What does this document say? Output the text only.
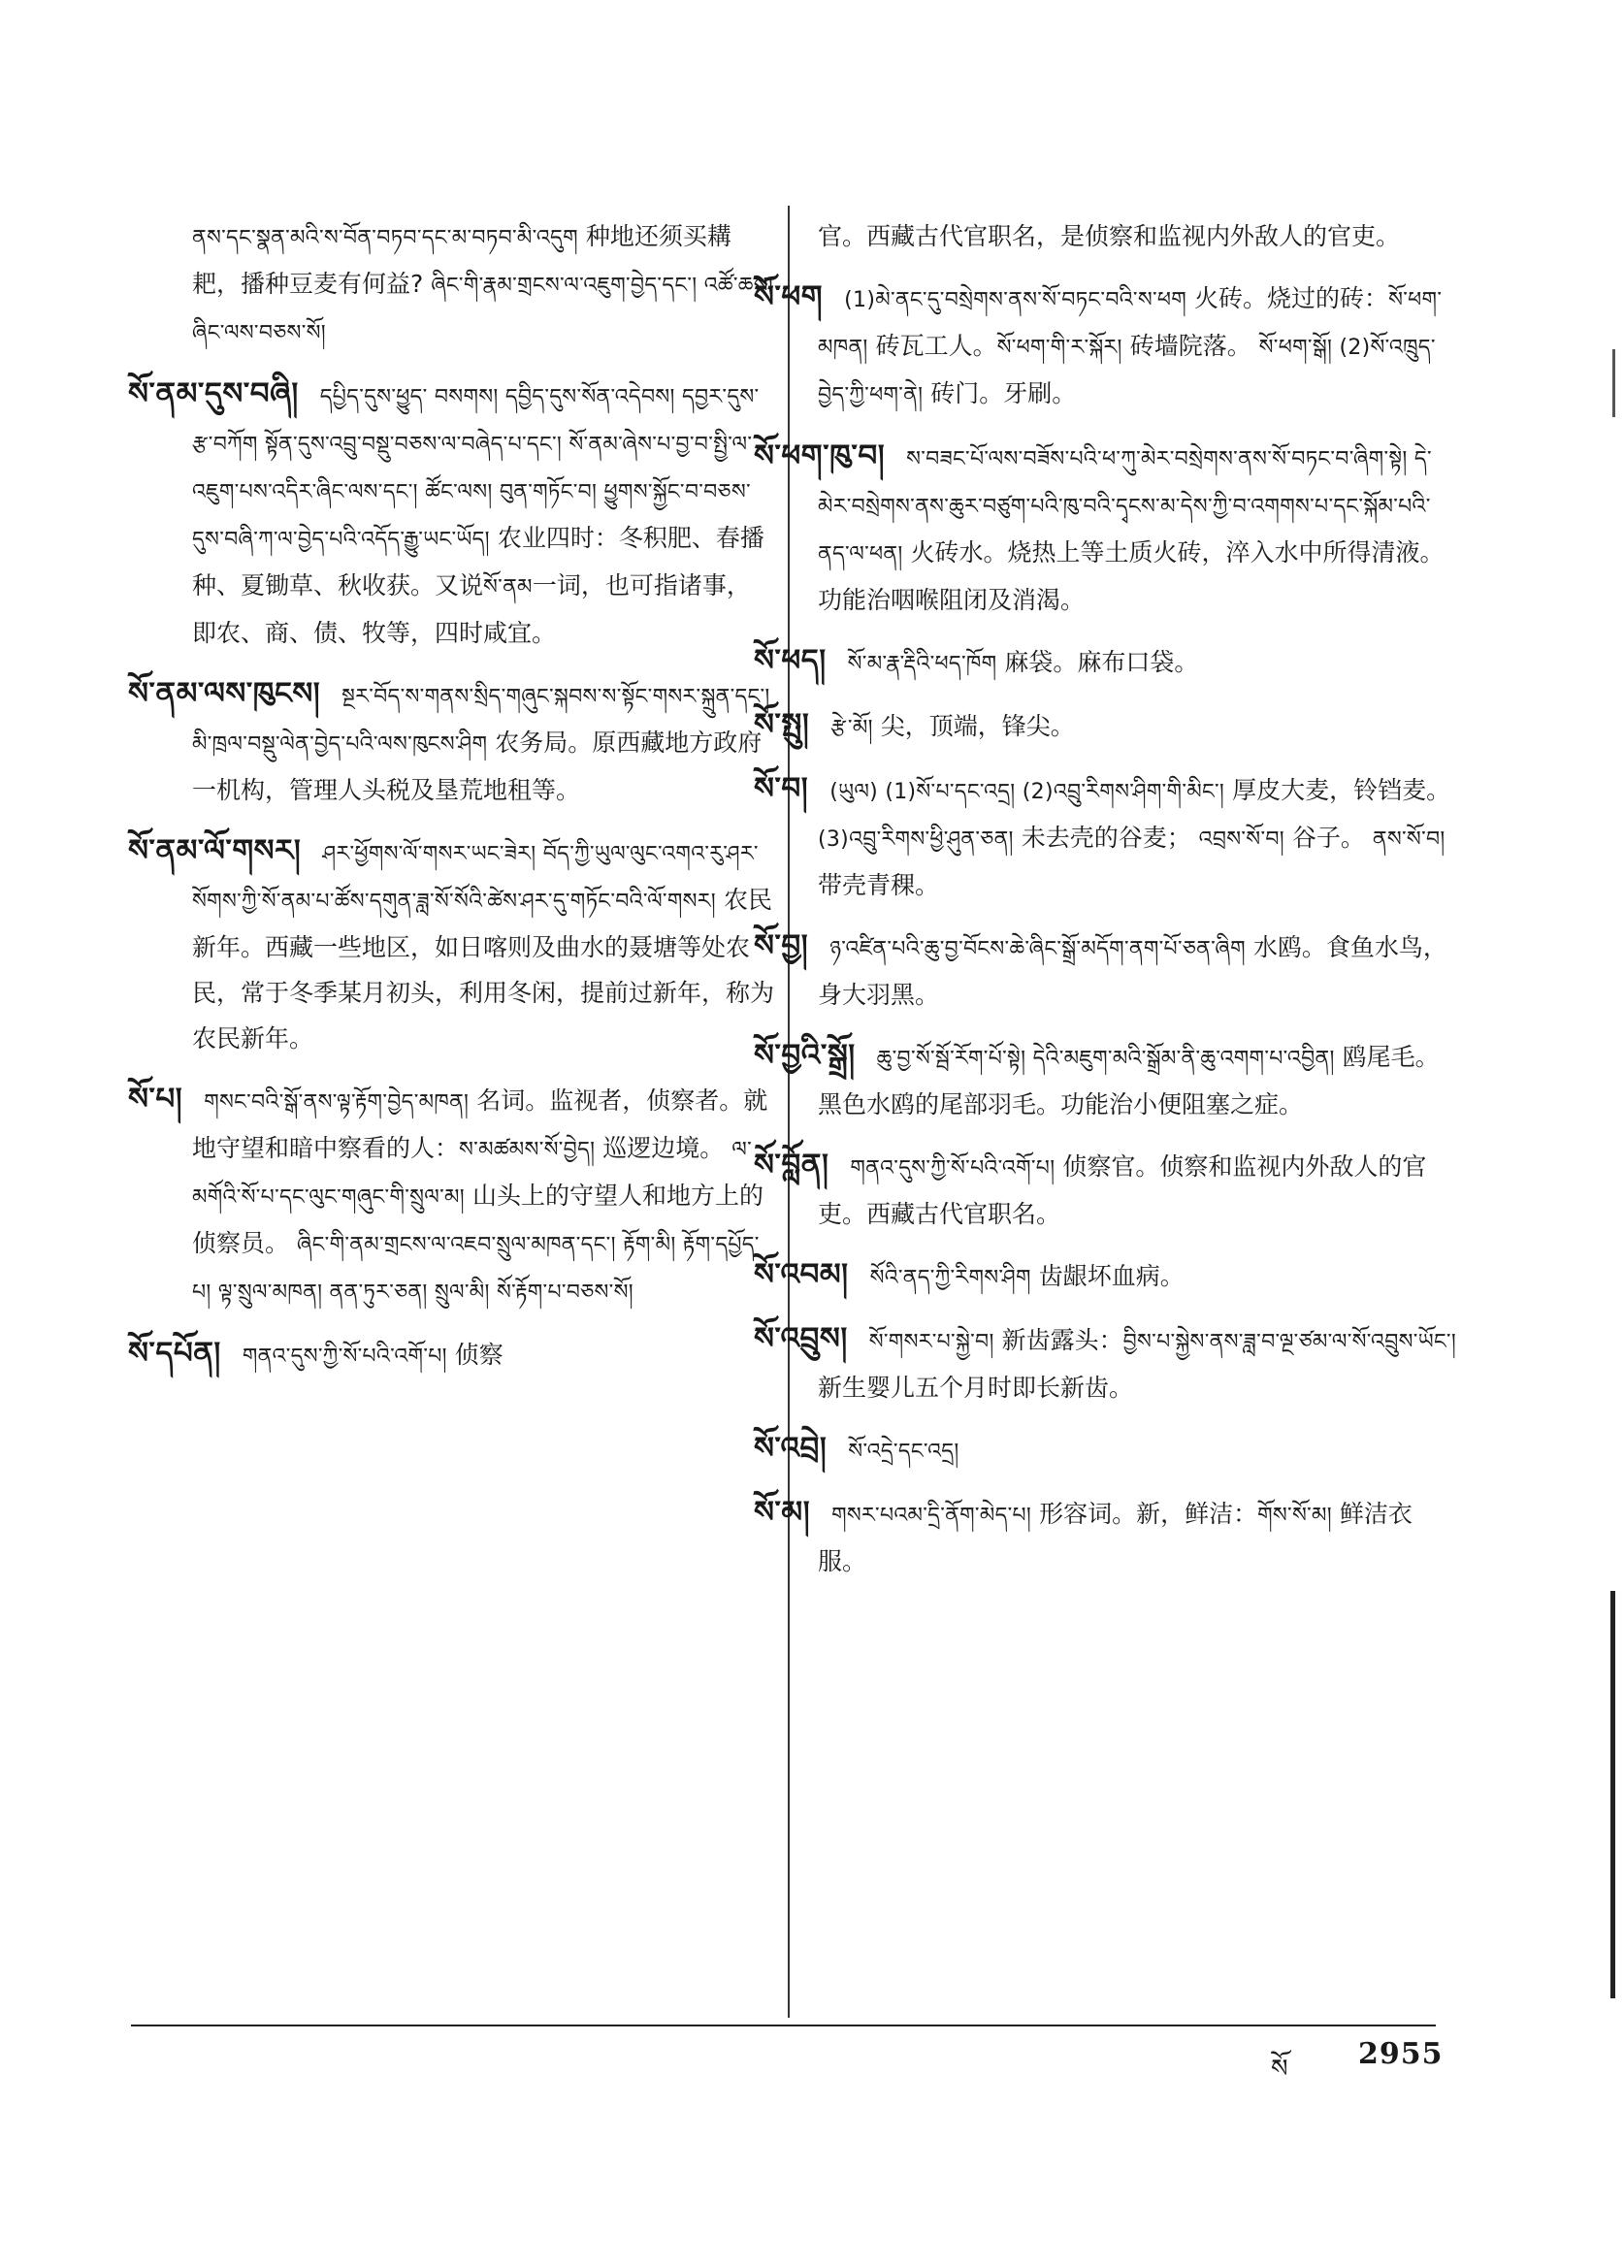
ནས་དང་སྣན་མའི་ས་བོན་བཏབ་དང་མ་བཏབ་མི་འདུག 种地还须买耩耙，播种豆麦有何益? ཞིང་གི་རྣམ་གྲངས་ལ་འཇུག་བྱེད་དང་། འཚོ་ཆས། ཞིང་ལས་བཅས་སོ།
སོ་ནམ་དུས་བཞི། དཔྱིད་དུས་ཕྱུད་ བསགས། དབྱིད་དུས་སོན་འདེབས། དབྱར་དུས་རྩ་བཀོག སྟོན་དུས་འབྲུ་བསྡུ་བཅས་ལ་བཞེད་པ་དང་། སོ་ནམ་ཞེས་པ་བྱ་བ་སྤྱི་ལ་འཇུག་པས་འདིར་ཞིང་ལས་དང་། ཚོང་ལས། བུན་གཏོང་བ། ཕྱུགས་སྐྱོང་བ་བཅས་དུས་བཞི་ཀ་ལ་བྱེད་པའི་འདོད་རྒྱུ་ཡང་ཡོད། 农业四时：冬积肥、春播种、夏锄草、秋收获。又说སོ་ནམ一词，也可指诸事，即农、商、债、牧等，四时咸宜。
སོ་ནམ་ལས་ཁུངས། སྔར་བོད་ས་གནས་སྲིད་གཞུང་སྐབས་ས་སྟོང་གསར་སྐྲུན་དང་། མི་ཁྲལ་བསྡུ་ལེན་བྱེད་པའི་ལས་ཁུངས་ཤིག 农务局。原西藏地方政府一机构，管理人头税及垦荒地租等。
སོ་ནམ་ལོ་གསར། ཤར་ཕྱོགས་ལོ་གསར་ཡང་ཟེར། བོད་ཀྱི་ཡུལ་ལུང་འགའ་རུ་ཤར་སོགས་ཀྱི་སོ་ནམ་པ་ཚོས་དགུན་ཟླ་སོ་སོའི་ཚེས་ཤར་དུ་གཏོང་བའི་ལོ་གསར། 农民新年。西藏一些地区，如日喀则及曲水的聂塘等处农民，常于冬季某月初头，利用冬闲，提前过新年，称为农民新年。
སོ་པ། གསང་བའི་སྒོ་ནས་ལྟ་རྟོག་བྱེད་མཁན། 名词。监视者，侦察者。就地守望和暗中察看的人：ས་མཚམས་སོ་བྱེད། 巡逻边境。 ལ་མགོའི་སོ་པ་དང་ལུང་གཞུང་གི་སྲུལ་མ། 山头上的守望人和地方上的侦察员。 ཞིང་གི་ནམ་གྲངས་ལ་འཇབ་སྲུལ་མཁན་དང་། རྟོག་མི། རྟོག་དཔྱོད་པ། ལྟ་སྲུལ་མཁན། ནན་ཏུར་ཅན། སྲུལ་མི། སོ་རྟོག་པ་བཅས་སོ།
སོ་དཔོན། གནའ་དུས་ཀྱི་སོ་པའི་འགོ་པ། 侦察
官。西藏古代官职名，是侦察和监视内外敌人的官吏。
སོ་ཕག (1)མེ་ནང་དུ་བསྲེགས་ནས་སོ་བཏང་བའི་ས་ཕག 火砖。烧过的砖：སོ་ཕག་མཁན། 砖瓦工人。སོ་ཕག་གི་ར་སྐོར། 砖墙院落。 སོ་ཕག་སྒོ། (2)སོ་འཁྲུད་བྱེད་ཀྱི་ཕག་ནེ། 砖门。牙刷。
སོ་ཕག་ཁུ་བ། ས་བཟང་པོ་ལས་བཟོས་པའི་ཕ་ཀུ་མེར་བསྲེགས་ནས་སོ་བཏང་བ་ཞིག་སྟེ། དེ་མེར་བསྲེགས་ནས་ཆུར་བཙུག་པའི་ཁུ་བའི་དྭངས་མ་དེས་ཀྱི་བ་འགགས་པ་དང་སྐོམ་པའི་ནད་ལ་ཕན། 火砖水。烧热上等土质火砖，淬入水中所得清液。功能治咽喉阻闭及消渴。
སོ་ཕད། སོ་མ་རྣ་རྡིའི་ཕད་ཁོག 麻袋。麻布口袋。
སོ་སྤུ། རྩེ་མོ། 尖，顶端，锋尖。
སོ་བ། (ཡུལ) (1)སོ་པ་དང་འདྲ། (2)འབྲུ་རིགས་ཤིག་གི་མིང་། 厚皮大麦，铃铛麦。 (3)འབྲུ་རིགས་ཕྱི་ཤུན་ཅན། 未去壳的谷麦； འབྲས་སོ་བ། 谷子。 ནས་སོ་བ། 带壳青稞。
སོ་བྱ། ཉ་འཛིན་པའི་ཆུ་བྱ་བོངས་ཆེ་ཞིང་སྒྲོ་མདོག་ནག་པོ་ཅན་ཞིག 水鸥。食鱼水鸟，身大羽黑。
སོ་བྱའི་སྒྲོ། ཆུ་བྱ་སོ་སྦོ་རོག་པོ་སྟེ། དེའི་མཇུག་མའི་སྒྲོམ་ནི་ཆུ་འགག་པ་འབྱིན། 鸥尾毛。黑色水鸥的尾部羽毛。功能治小便阻塞之症。
སོ་བློན། གནའ་དུས་ཀྱི་སོ་པའི་འགོ་པ། 侦察官。侦察和监视内外敌人的官吏。西藏古代官职名。
སོ་འབམ། སོའི་ནད་ཀྱི་རིགས་ཤིག 齿龈坏血病。
སོ་འབྲུས། སོ་གསར་པ་སྐྱེ་བ། 新齿露头：བྱིས་པ་སྐྱེས་ནས་ཟླ་བ་ལྔ་ཙམ་ལ་སོ་འབྲུས་ཡོང་། 新生婴儿五个月时即长新齿。
སོ་འབྲེ། སོ་འདྲེ་དང་འདྲ།
སོ་མ། གསར་པའམ་དྲི་ནོག་མེད་པ། 形容词。新，鲜洁：གོས་སོ་མ། 鲜洁衣服。
སོ 2955
